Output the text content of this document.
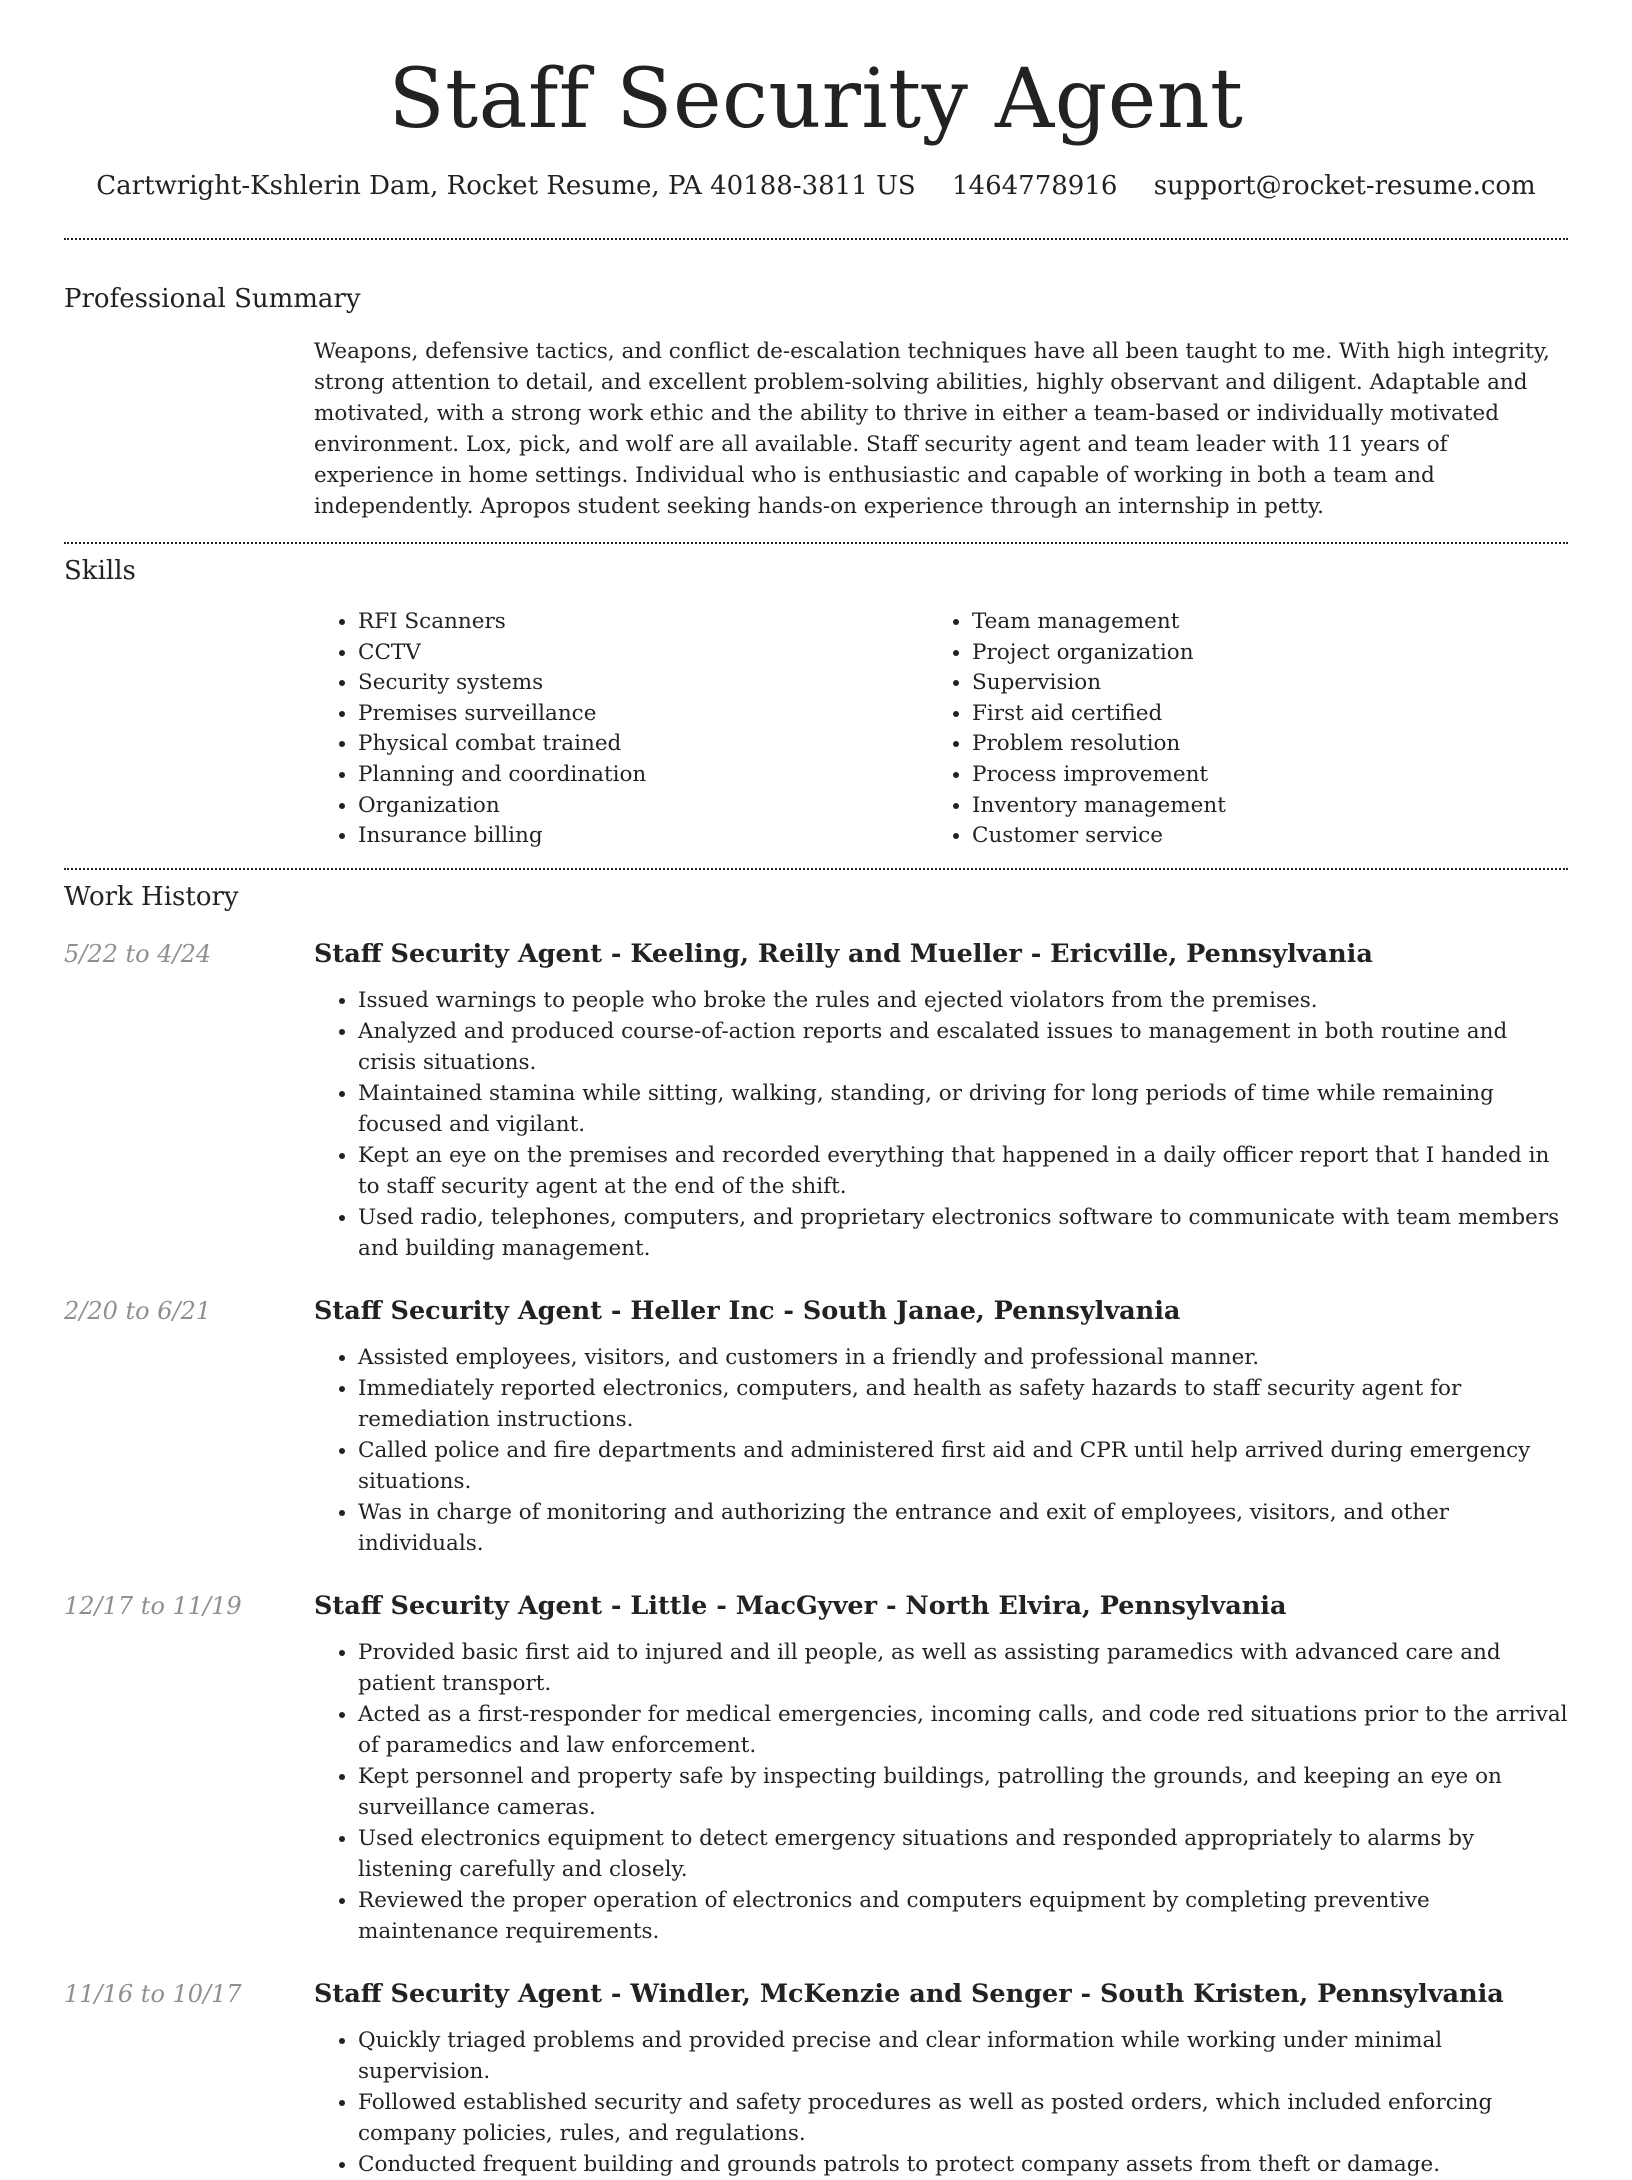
Staff Security Agent
Cartwright-Kshlerin Dam, Rocket Resume, PA 40188-3811 US 1464778916 support@rocket-resume.com
Professional Summary
Weapons, defensive tactics, and conflict de-escalation techniques have all been taught to me. With high integrity, strong attention to detail, and excellent problem-solving abilities, highly observant and diligent. Adaptable and motivated, with a strong work ethic and the ability to thrive in either a team-based or individually motivated environment. Lox, pick, and wolf are all available. Staff security agent and team leader with 11 years of experience in home settings. Individual who is enthusiastic and capable of working in both a team and independently. Apropos student seeking hands-on experience through an internship in petty.
Skills
• RFI Scanners
• CCTV
• Security systems
• Premises surveillance
• Physical combat trained
• Planning and coordination
• Organization
• Insurance billing
• Team management
• Project organization
• Supervision
• First aid certified
• Problem resolution
• Process improvement
• Inventory management
• Customer service
Work History
5/22 to 4/24	Staff Security Agent - Keeling, Reilly and Mueller - Ericville, Pennsylvania
• Issued warnings to people who broke the rules and ejected violators from the premises.
• Analyzed and produced course-of-action reports and escalated issues to management in both routine and crisis situations.
• Maintained stamina while sitting, walking, standing, or driving for long periods of time while remaining focused and vigilant.
• Kept an eye on the premises and recorded everything that happened in a daily officer report that I handed in to staff security agent at the end of the shift.
• Used radio, telephones, computers, and proprietary electronics software to communicate with team members and building management.
2/20 to 6/21	Staff Security Agent - Heller Inc - South Janae, Pennsylvania
• Assisted employees, visitors, and customers in a friendly and professional manner.
• Immediately reported electronics, computers, and health as safety hazards to staff security agent for remediation instructions.
• Called police and fire departments and administered first aid and CPR until help arrived during emergency situations.
• Was in charge of monitoring and authorizing the entrance and exit of employees, visitors, and other individuals.
12/17 to 11/19	Staff Security Agent - Little - MacGyver - North Elvira, Pennsylvania
• Provided basic first aid to injured and ill people, as well as assisting paramedics with advanced care and patient transport.
• Acted as a first-responder for medical emergencies, incoming calls, and code red situations prior to the arrival of paramedics and law enforcement.
• Kept personnel and property safe by inspecting buildings, patrolling the grounds, and keeping an eye on surveillance cameras.
• Used electronics equipment to detect emergency situations and responded appropriately to alarms by listening carefully and closely.
• Reviewed the proper operation of electronics and computers equipment by completing preventive maintenance requirements.
11/16 to 10/17	Staff Security Agent - Windler, McKenzie and Senger - South Kristen, Pennsylvania
• Quickly triaged problems and provided precise and clear information while working under minimal supervision.
• Followed established security and safety procedures as well as posted orders, which included enforcing company policies, rules, and regulations.
• Conducted frequent building and grounds patrols to protect company assets from theft or damage.
